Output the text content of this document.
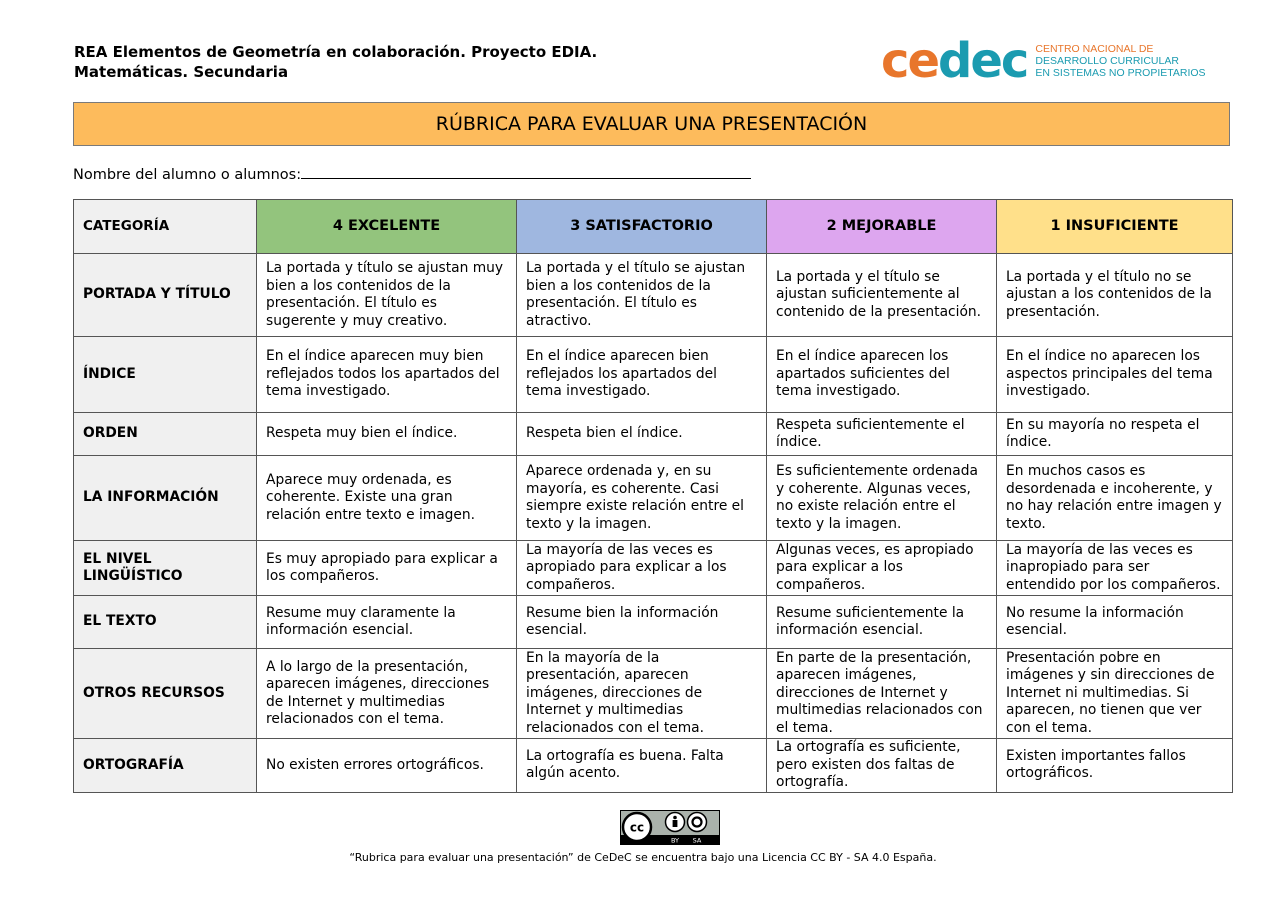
REA Elementos de Geometría en colaboración. Proyecto EDIA.
Matemáticas. Secundaria	cedec CENTRO NACIONAL DE
DESARROLLO CURRICULAR
EN SISTEMAS NO PROPIETARIOS
RÚBRICA PARA EVALUAR UNA PRESENTACIÓN
Nombre del alumno o alumnos:
CATEGORÍA	4 EXCELENTE	3 SATISFACTORIO	2 MEJORABLE	1 INSUFICIENTE
PORTADA Y TÍTULO	La portada y título se ajustan muy bien a los contenidos de la presentación. El título es sugerente y muy creativo.	La portada y el título se ajustan bien a los contenidos de la presentación. El título es atractivo.	La portada y el título se ajustan suficientemente al contenido de la presentación.	La portada y el título no se ajustan a los contenidos de la presentación.
ÍNDICE	En el índice aparecen muy bien reflejados todos los apartados del tema investigado.	En el índice aparecen bien reflejados los apartados del tema investigado.	En el índice aparecen los apartados suficientes del tema investigado.	En el índice no aparecen los aspectos principales del tema investigado.
ORDEN	Respeta muy bien el índice.	Respeta bien el índice.	Respeta suficientemente el índice.	En su mayoría no respeta el índice.
LA INFORMACIÓN	Aparece muy ordenada, es coherente. Existe una gran relación entre texto e imagen.	Aparece ordenada y, en su mayoría, es coherente. Casi siempre existe relación entre el texto y la imagen.	Es suficientemente ordenada y coherente. Algunas veces, no existe relación entre el texto y la imagen.	En muchos casos es desordenada e incoherente, y no hay relación entre imagen y texto.
EL NIVEL LINGÜÍSTICO	Es muy apropiado para explicar a los compañeros.	La mayoría de las veces es apropiado para explicar a los compañeros.	Algunas veces, es apropiado para explicar a los compañeros.	La mayoría de las veces es inapropiado para ser entendido por los compañeros.
EL TEXTO	Resume muy claramente la información esencial.	Resume bien la información esencial.	Resume suficientemente la información esencial.	No resume la información esencial.
OTROS RECURSOS	A lo largo de la presentación, aparecen imágenes, direcciones de Internet y multimedias relacionados con el tema.	En la mayoría de la presentación, aparecen imágenes, direcciones de Internet y multimedias relacionados con el tema.	En parte de la presentación, aparecen imágenes, direcciones de Internet y multimedias relacionados con el tema.	Presentación pobre en imágenes y sin direcciones de Internet ni multimedias. Si aparecen, no tienen que ver con el tema.
ORTOGRAFÍA	No existen errores ortográficos.	La ortografía es buena. Falta algún acento.	La ortografía es suficiente, pero existen dos faltas de ortografía.	Existen importantes fallos ortográficos.
cc
BY SA
“Rubrica para evaluar una presentación” de CeDeC se encuentra bajo una Licencia CC BY - SA 4.0 España.
